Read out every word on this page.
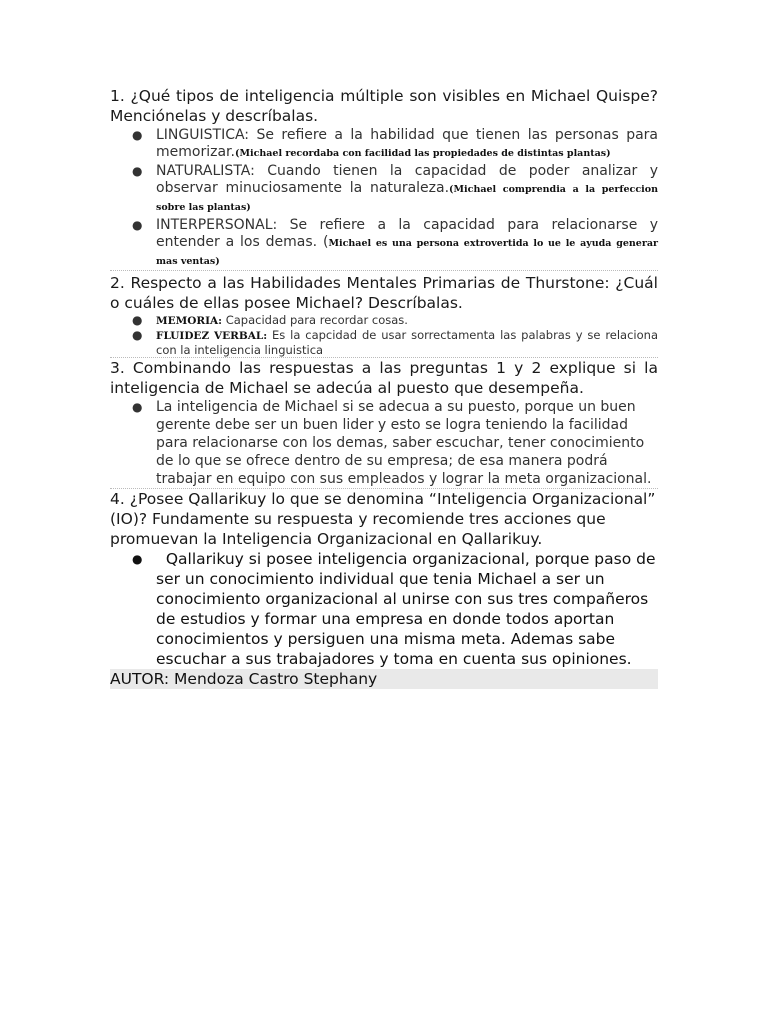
1. ¿Qué tipos de inteligencia múltiple son visibles en Michael Quispe? Menciónelas y descríbalas.

● LINGUISTICA: Se refiere a la habilidad que tienen las personas para memorizar.(Michael recordaba con facilidad las propiedades de distintas plantas)
● NATURALISTA: Cuando tienen la capacidad de poder analizar y observar minuciosamente la naturaleza.(Michael comprendia a la perfeccion sobre las plantas)
● INTERPERSONAL: Se refiere a la capacidad para relacionarse y entender a los demas. (Michael es una persona extrovertida lo ue le ayuda generar mas ventas)

2. Respecto a las Habilidades Mentales Primarias de Thurstone: ¿Cuál o cuáles de ellas posee Michael? Descríbalas.

● MEMORIA: Capacidad para recordar cosas.
● FLUIDEZ VERBAL: Es la capcidad de usar sorrectamenta las palabras y se relaciona con la inteligencia linguistica

3. Combinando las respuestas a las preguntas 1 y 2 explique si la inteligencia de Michael se adecúa al puesto que desempeña.

● La inteligencia de Michael si se adecua a su puesto, porque un buen gerente debe ser un buen lider y esto se logra teniendo la facilidad para relacionarse con los demas, saber escuchar, tener conocimiento de lo que se ofrece dentro de su empresa; de esa manera podrá trabajar en equipo con sus empleados y lograr la meta organizacional.

4. ¿Posee Qallarikuy lo que se denomina “Inteligencia Organizacional” (IO)? Fundamente su respuesta y recomiende tres acciones que promuevan la Inteligencia Organizacional en Qallarikuy.

● Qallarikuy si posee inteligencia organizacional, porque paso de ser un conocimiento individual que tenia Michael a ser un conocimiento organizacional al unirse con sus tres compañeros de estudios y formar una empresa en donde todos aportan conocimientos y persiguen una misma meta. Ademas sabe escuchar a sus trabajadores y toma en cuenta sus opiniones.
AUTOR: Mendoza Castro Stephany
